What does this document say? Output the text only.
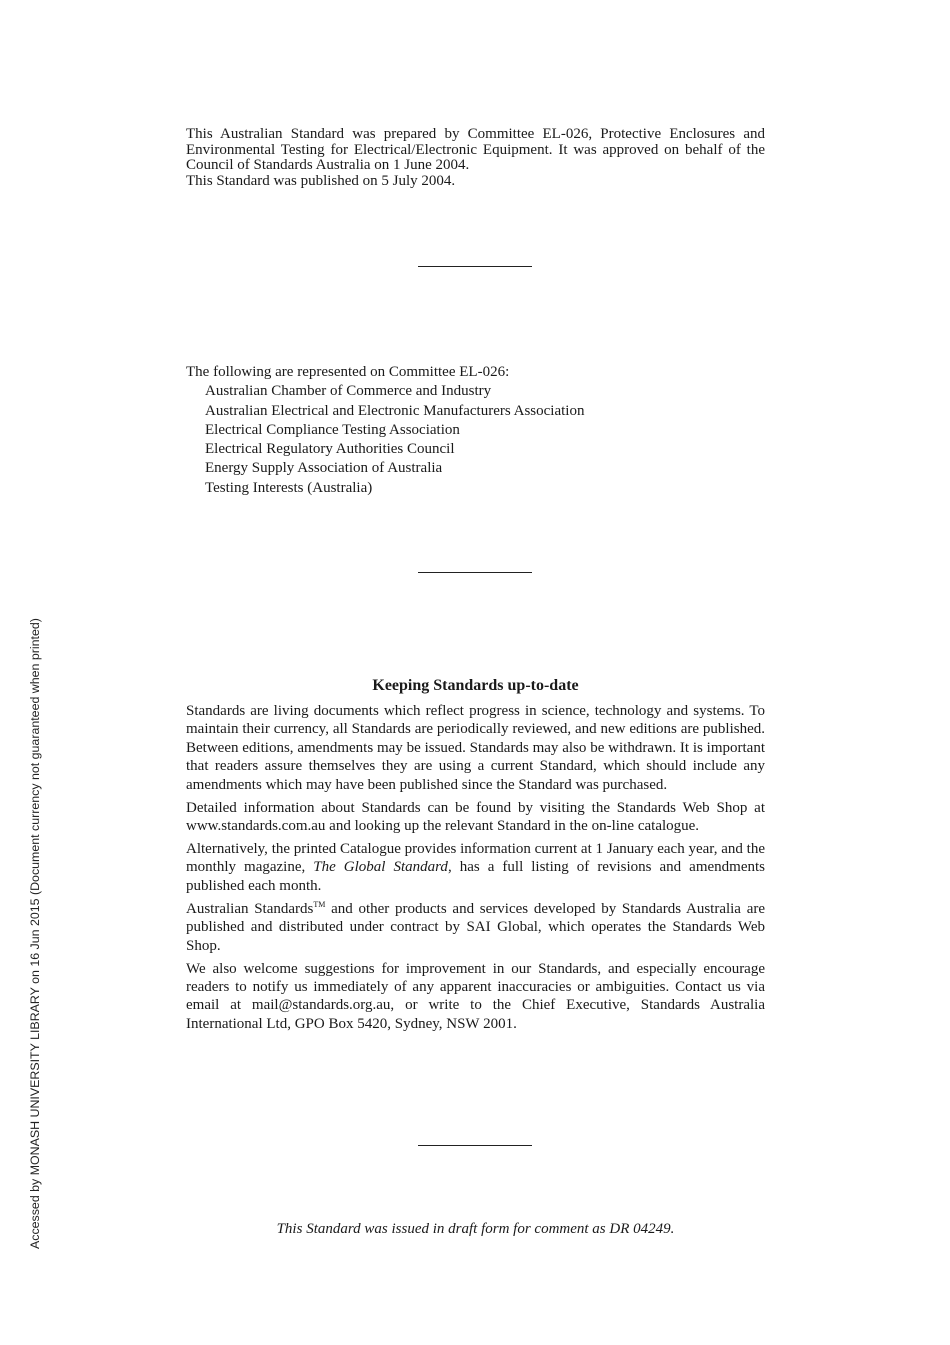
This Australian Standard was prepared by Committee EL-026, Protective Enclosures and Environmental Testing for Electrical/Electronic Equipment. It was approved on behalf of the Council of Standards Australia on 1 June 2004.

This Standard was published on 5 July 2004.

The following are represented on Committee EL-026:

Australian Chamber of Commerce and Industry
Australian Electrical and Electronic Manufacturers Association
Electrical Compliance Testing Association
Electrical Regulatory Authorities Council
Energy Supply Association of Australia
Testing Interests (Australia)
Keeping Standards up-to-date

Standards are living documents which reflect progress in science, technology and systems. To maintain their currency, all Standards are periodically reviewed, and new editions are published. Between editions, amendments may be issued. Standards may also be withdrawn. It is important that readers assure themselves they are using a current Standard, which should include any amendments which may have been published since the Standard was purchased.

Detailed information about Standards can be found by visiting the Standards Web Shop at www.standards.com.au and looking up the relevant Standard in the on-line catalogue.

Alternatively, the printed Catalogue provides information current at 1 January each year, and the monthly magazine, The Global Standard, has a full listing of revisions and amendments published each month.

Australian Standards™ and other products and services developed by Standards Australia are published and distributed under contract by SAI Global, which operates the Standards Web Shop.

We also welcome suggestions for improvement in our Standards, and especially encourage readers to notify us immediately of any apparent inaccuracies or ambiguities. Contact us via email at mail@standards.org.au, or write to the Chief Executive, Standards Australia International Ltd, GPO Box 5420, Sydney, NSW 2001.

This Standard was issued in draft form for comment as DR 04249.

Accessed by MONASH UNIVERSITY LIBRARY on 16 Jun 2015 (Document currency not guaranteed when printed)
